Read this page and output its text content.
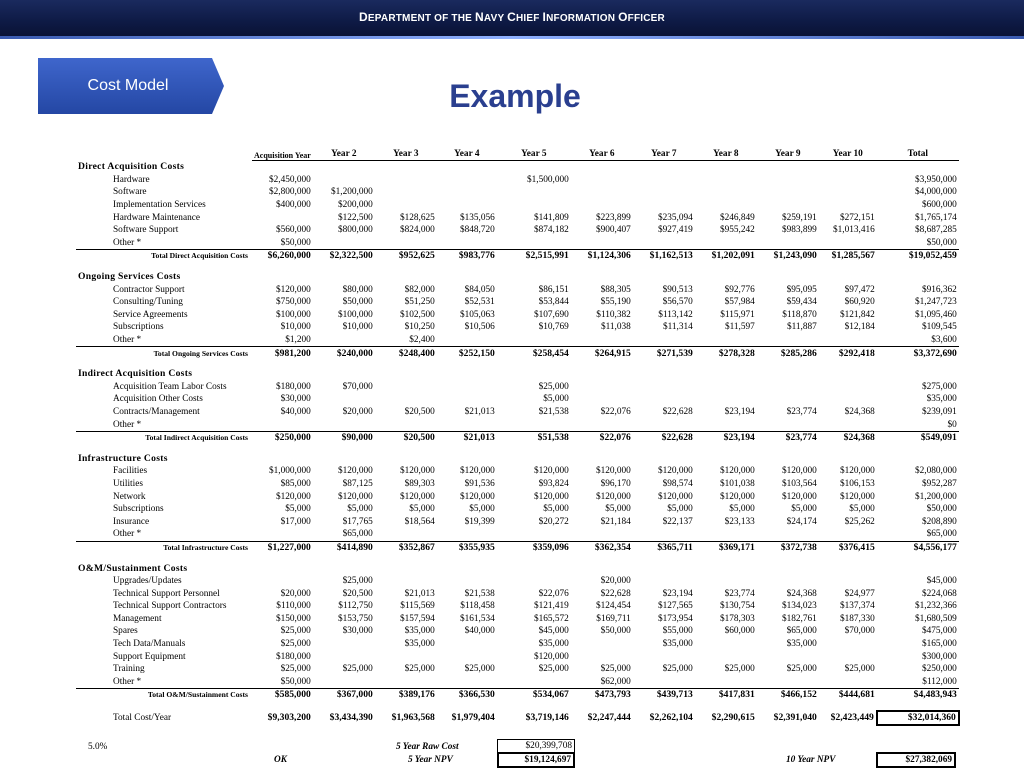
DEPARTMENT OF THE NAVY CHIEF INFORMATION OFFICER
Cost Model	Example
	Acquisition Year	Year 2	Year 3	Year 4	Year 5	Year 6	Year 7	Year 8	Year 9	Year 10	Total
Direct Acquisition Costs											
Hardware	$2,450,000				$1,500,000						$3,950,000
Software	$2,800,000	$1,200,000									$4,000,000
Implementation Services	$400,000	$200,000									$600,000
Hardware Maintenance		$122,500	$128,625	$135,056	$141,809	$223,899	$235,094	$246,849	$259,191	$272,151	$1,765,174
Software Support	$560,000	$800,000	$824,000	$848,720	$874,182	$900,407	$927,419	$955,242	$983,899	$1,013,416	$8,687,285
Other *	$50,000										$50,000
Total Direct Acquisition Costs	$6,260,000	$2,322,500	$952,625	$983,776	$2,515,991	$1,124,306	$1,162,513	$1,202,091	$1,243,090	$1,285,567	$19,052,459

Ongoing Services Costs											
Contractor Support	$120,000	$80,000	$82,000	$84,050	$86,151	$88,305	$90,513	$92,776	$95,095	$97,472	$916,362
Consulting/Tuning	$750,000	$50,000	$51,250	$52,531	$53,844	$55,190	$56,570	$57,984	$59,434	$60,920	$1,247,723
Service Agreements	$100,000	$100,000	$102,500	$105,063	$107,690	$110,382	$113,142	$115,971	$118,870	$121,842	$1,095,460
Subscriptions	$10,000	$10,000	$10,250	$10,506	$10,769	$11,038	$11,314	$11,597	$11,887	$12,184	$109,545
Other *	$1,200		$2,400								$3,600
Total Ongoing Services Costs	$981,200	$240,000	$248,400	$252,150	$258,454	$264,915	$271,539	$278,328	$285,286	$292,418	$3,372,690

Indirect Acquisition Costs											
Acquisition Team Labor Costs	$180,000	$70,000			$25,000						$275,000
Acquisition Other Costs	$30,000				$5,000						$35,000
Contracts/Management	$40,000	$20,000	$20,500	$21,013	$21,538	$22,076	$22,628	$23,194	$23,774	$24,368	$239,091
Other *											$0
Total Indirect Acquisition Costs	$250,000	$90,000	$20,500	$21,013	$51,538	$22,076	$22,628	$23,194	$23,774	$24,368	$549,091

Infrastructure Costs											
Facilities	$1,000,000	$120,000	$120,000	$120,000	$120,000	$120,000	$120,000	$120,000	$120,000	$120,000	$2,080,000
Utilities	$85,000	$87,125	$89,303	$91,536	$93,824	$96,170	$98,574	$101,038	$103,564	$106,153	$952,287
Network	$120,000	$120,000	$120,000	$120,000	$120,000	$120,000	$120,000	$120,000	$120,000	$120,000	$1,200,000
Subscriptions	$5,000	$5,000	$5,000	$5,000	$5,000	$5,000	$5,000	$5,000	$5,000	$5,000	$50,000
Insurance	$17,000	$17,765	$18,564	$19,399	$20,272	$21,184	$22,137	$23,133	$24,174	$25,262	$208,890
Other *		$65,000									$65,000
Total Infrastructure Costs	$1,227,000	$414,890	$352,867	$355,935	$359,096	$362,354	$365,711	$369,171	$372,738	$376,415	$4,556,177

O&M/Sustainment Costs											
Upgrades/Updates		$25,000				$20,000					$45,000
Technical Support Personnel	$20,000	$20,500	$21,013	$21,538	$22,076	$22,628	$23,194	$23,774	$24,368	$24,977	$224,068
Technical Support Contractors	$110,000	$112,750	$115,569	$118,458	$121,419	$124,454	$127,565	$130,754	$134,023	$137,374	$1,232,366
Management	$150,000	$153,750	$157,594	$161,534	$165,572	$169,711	$173,954	$178,303	$182,761	$187,330	$1,680,509
Spares	$25,000	$30,000	$35,000	$40,000	$45,000	$50,000	$55,000	$60,000	$65,000	$70,000	$475,000
Tech Data/Manuals	$25,000		$35,000		$35,000		$35,000		$35,000		$165,000
Support Equipment	$180,000				$120,000						$300,000
Training	$25,000	$25,000	$25,000	$25,000	$25,000	$25,000	$25,000	$25,000	$25,000	$25,000	$250,000
Other *	$50,000					$62,000					$112,000
Total O&M/Sustainment Costs	$585,000	$367,000	$389,176	$366,530	$534,067	$473,793	$439,713	$417,831	$466,152	$444,681	$4,483,943

Total Cost/Year	$9,303,200	$3,434,390	$1,963,568	$1,979,404	$3,719,146	$2,247,444	$2,262,104	$2,290,615	$2,391,040	$2,423,449	$32,014,360
5.0%
OK
5 Year Raw Cost	$20,399,708
5 Year NPV	$19,124,697	10 Year NPV	$27,382,069
